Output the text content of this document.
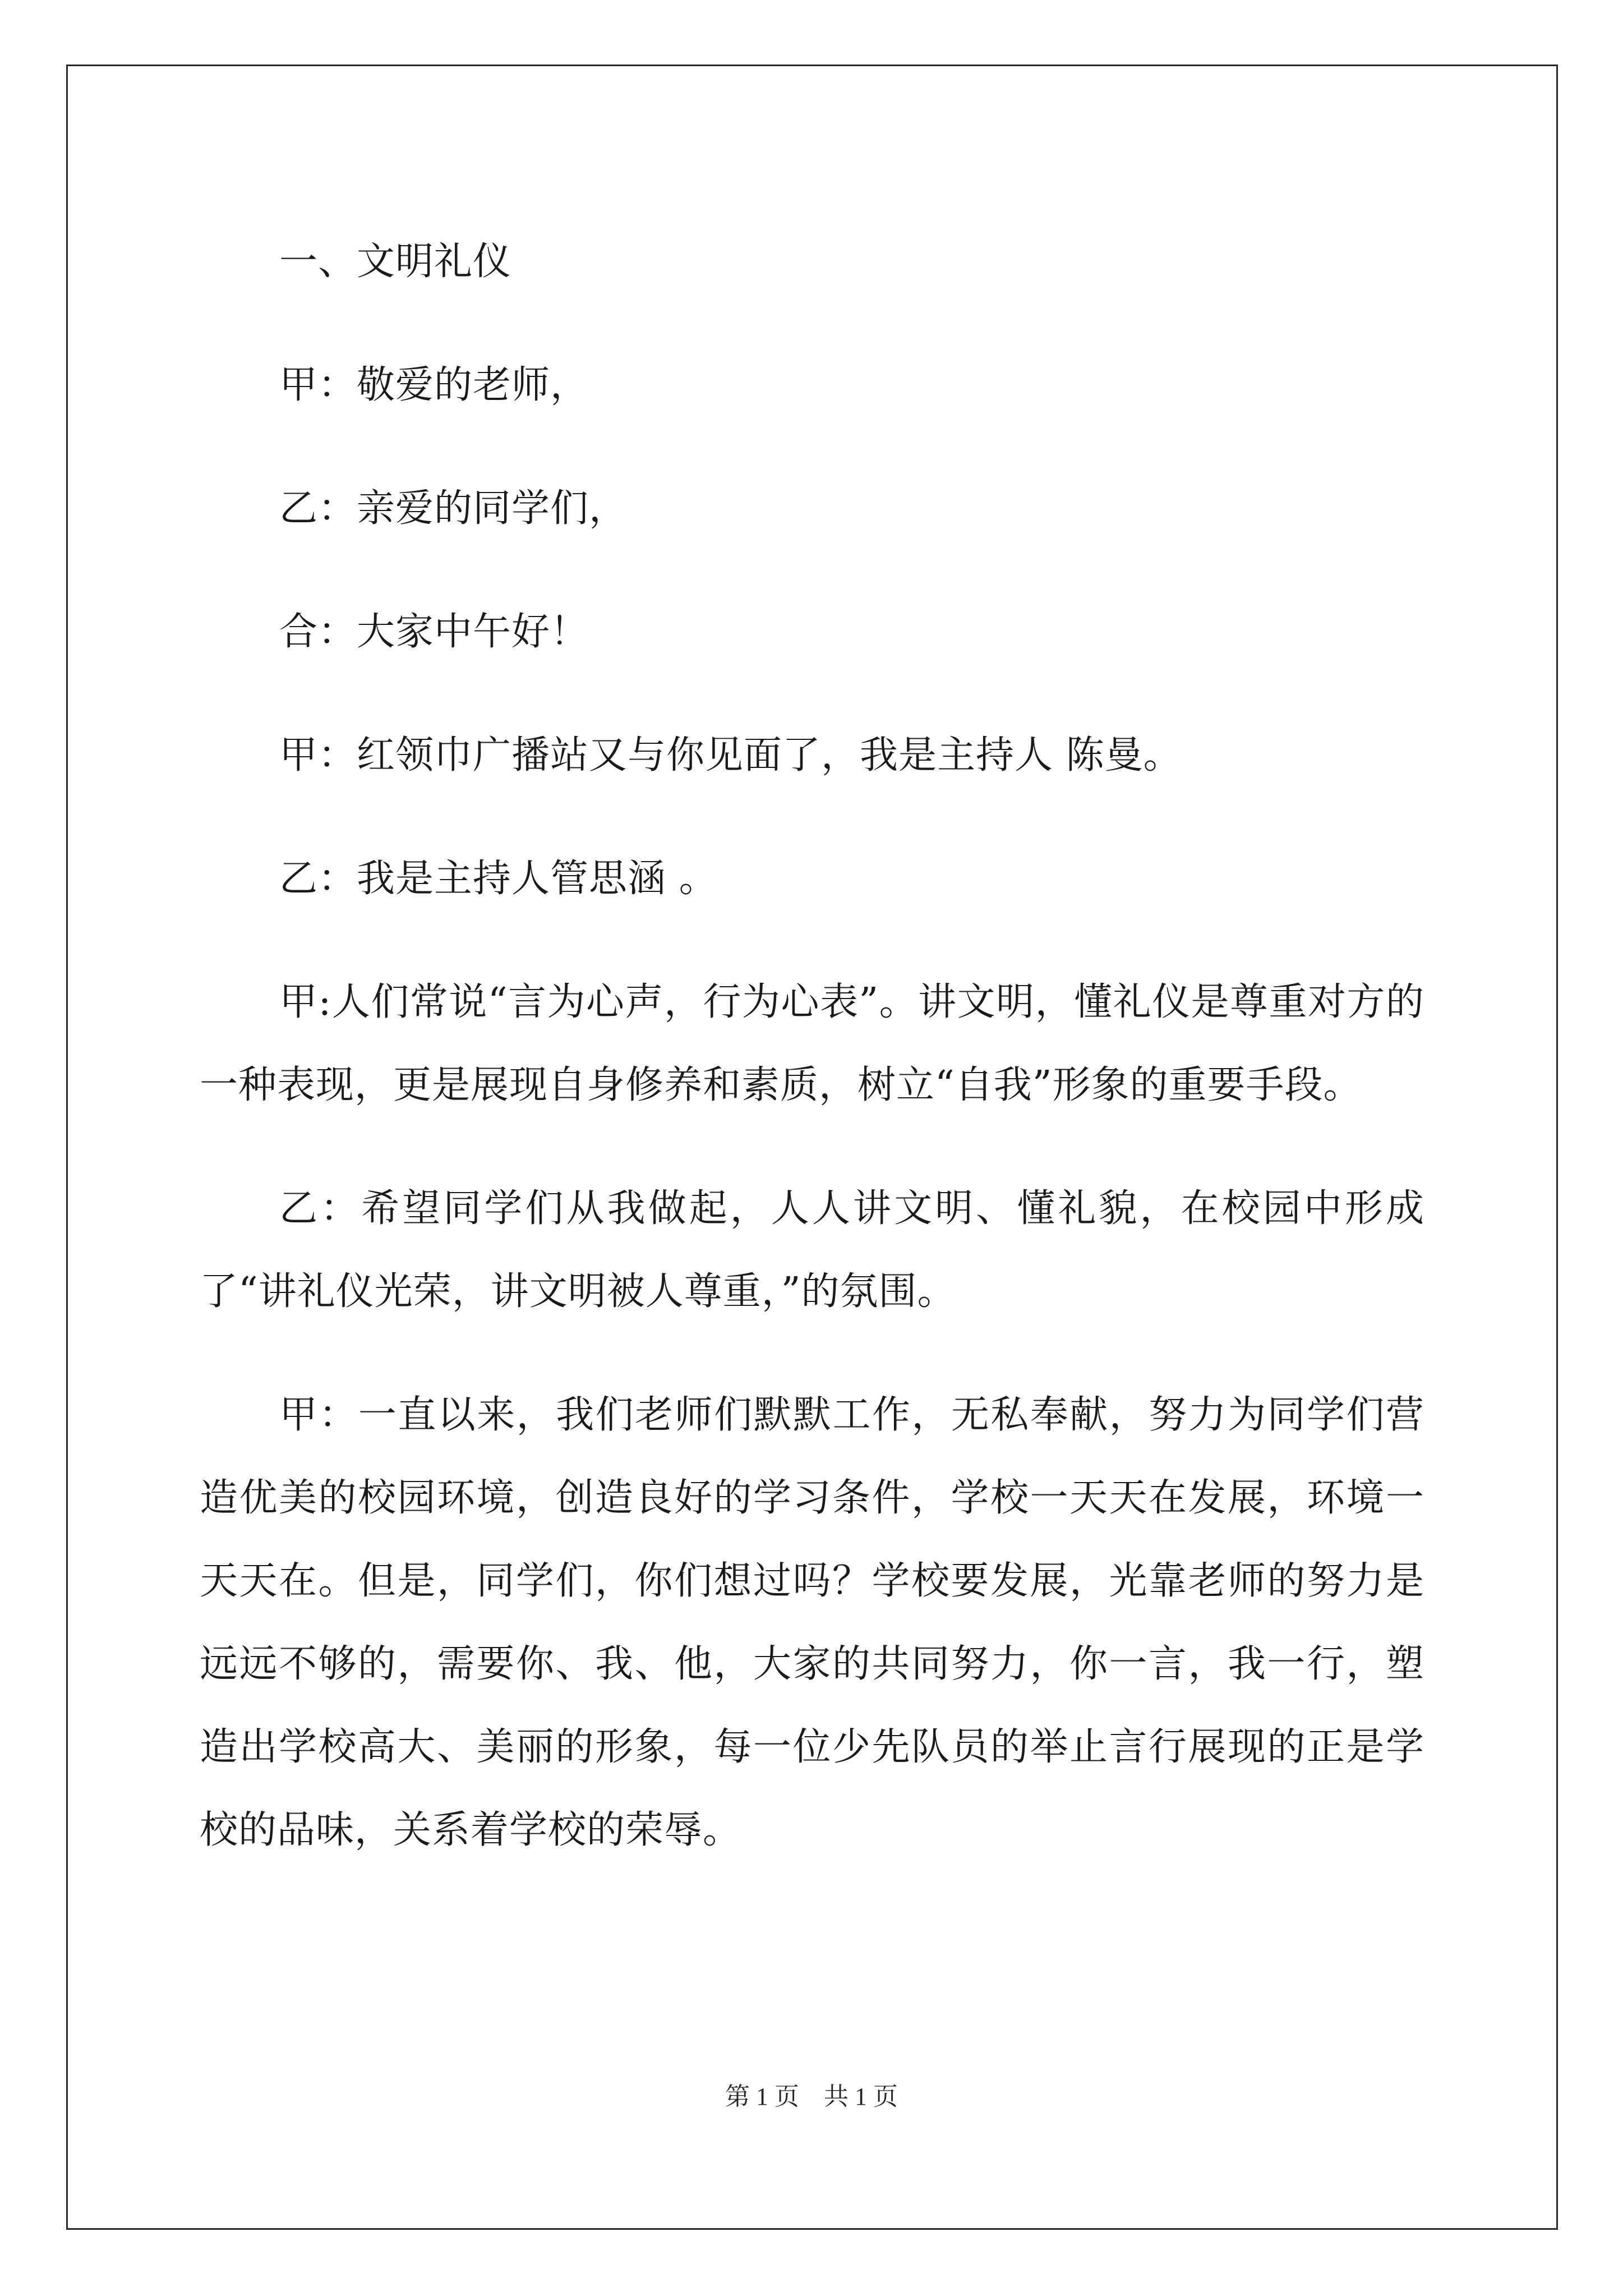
一、文明礼仪

甲：敬爱的老师，

乙：亲爱的同学们，

合：大家中午好！

甲：红领巾广播站又与你见面了，我是主持人 陈曼。

乙：我是主持人管思涵 。

甲:人们常说“言为心声，行为心表”。讲文明，懂礼仪是尊重对方的一种表现，更是展现自身修养和素质，树立“自我”形象的重要手段。

乙：希望同学们从我做起，人人讲文明、懂礼貌，在校园中形成了“讲礼仪光荣，讲文明被人尊重，”的氛围。

甲：一直以来，我们老师们默默工作，无私奉献，努力为同学们营造优美的校园环境，创造良好的学习条件，学校一天天在发展，环境一天天在。但是，同学们，你们想过吗？学校要发展，光靠老师的努力是远远不够的，需要你、我、他，大家的共同努力，你一言，我一行，塑造出学校高大、美丽的形象，每一位少先队员的举止言行展现的正是学校的品味，关系着学校的荣辱。

第 1 页　共 1 页
